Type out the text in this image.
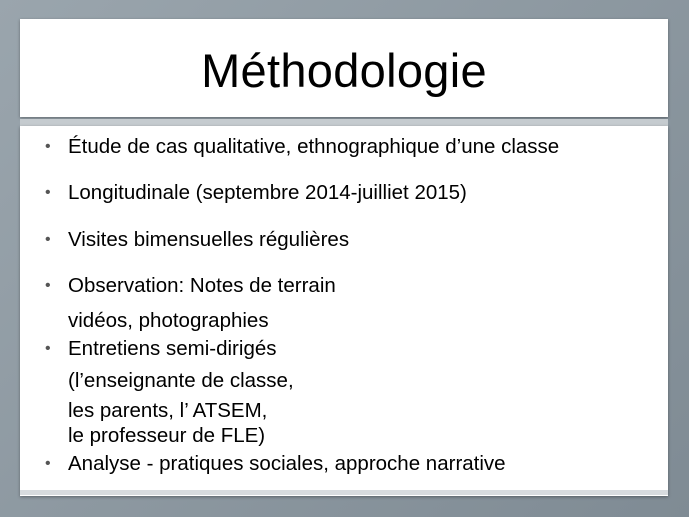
Méthodologie
• Étude de cas qualitative, ethnographique d’une classe
• Longitudinale (septembre 2014-juilliet 2015)
• Visites bimensuelles régulières
• Observation: Notes de terrain
vidéos, photographies
• Entretiens semi-dirigés
(l’enseignante de classe,
les parents, l’ ATSEM,
le professeur de FLE)
• Analyse - pratiques sociales, approche narrative
